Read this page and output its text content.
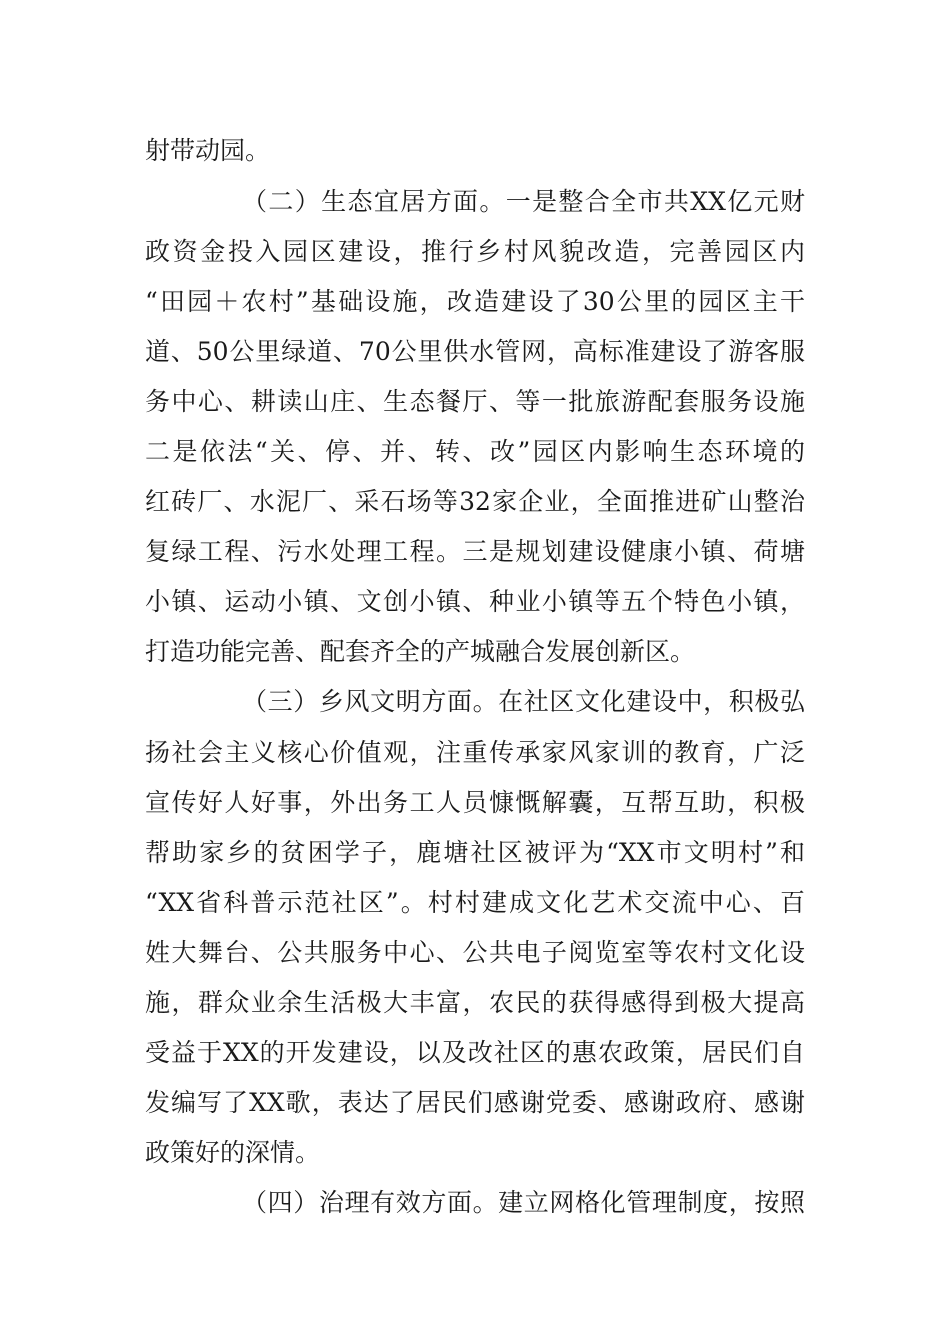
射带动园。
（二）生态宜居方面。一是整合全市共XX亿元财
政资金投入园区建设，推行乡村风貌改造，完善园区内
“田园＋农村”基础设施，改造建设了30公里的园区主干
道、50公里绿道、70公里供水管网，高标准建设了游客服
务中心、耕读山庄、生态餐厅、等一批旅游配套服务设施
二是依法“关、停、并、转、改”园区内影响生态环境的
红砖厂、水泥厂、采石场等32家企业，全面推进矿山整治
复绿工程、污水处理工程。三是规划建设健康小镇、荷塘
小镇、运动小镇、文创小镇、种业小镇等五个特色小镇，
打造功能完善、配套齐全的产城融合发展创新区。
（三）乡风文明方面。在社区文化建设中，积极弘
扬社会主义核心价值观，注重传承家风家训的教育，广泛
宣传好人好事，外出务工人员慷慨解囊，互帮互助，积极
帮助家乡的贫困学子，鹿塘社区被评为“XX市文明村”和
“XX省科普示范社区”。村村建成文化艺术交流中心、百
姓大舞台、公共服务中心、公共电子阅览室等农村文化设
施，群众业余生活极大丰富，农民的获得感得到极大提高
受益于XX的开发建设，以及改社区的惠农政策，居民们自
发编写了XX歌，表达了居民们感谢党委、感谢政府、感谢
政策好的深情。
（四）治理有效方面。建立网格化管理制度，按照
